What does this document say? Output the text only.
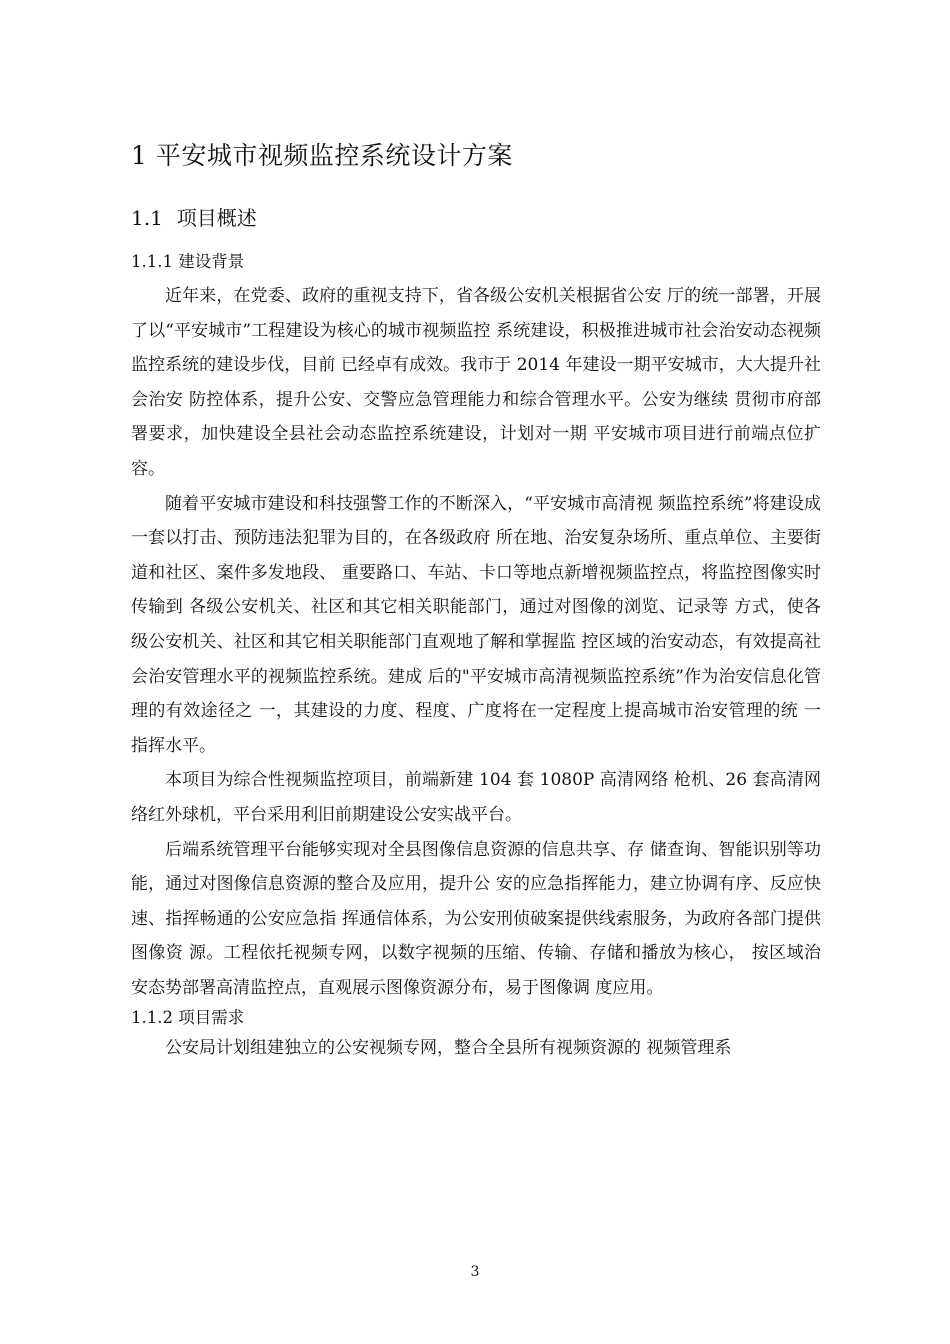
1 平安城市视频监控系统设计方案
1.1 项目概述
1.1.1 建设背景

近年来，在党委、政府的重视支持下，省各级公安机关根据省公安 厅的统一部署，开展了以“平安城市”工程建设为核心的城市视频监控 系统建设，积极推进城市社会治安动态视频监控系统的建设步伐，目前 已经卓有成效。我市于 2014 年建设一期平安城市，大大提升社会治安 防控体系，提升公安、交警应急管理能力和综合管理水平。公安为继续 贯彻市府部署要求，加快建设全县社会动态监控系统建设，计划对一期 平安城市项目进行前端点位扩容。

随着平安城市建设和科技强警工作的不断深入，“平安城市高清视 频监控系统”将建设成一套以打击、预防违法犯罪为目的，在各级政府 所在地、治安复杂场所、重点单位、主要街道和社区、案件多发地段、 重要路口、车站、卡口等地点新增视频监控点，将监控图像实时传输到 各级公安机关、社区和其它相关职能部门，通过对图像的浏览、记录等 方式，使各级公安机关、社区和其它相关职能部门直观地了解和掌握监 控区域的治安动态，有效提高社会治安管理水平的视频监控系统。建成 后的"平安城市高清视频监控系统”作为治安信息化管理的有效途径之 一，其建设的力度、程度、广度将在一定程度上提高城市治安管理的统 一指挥水平。

本项目为综合性视频监控项目，前端新建 104 套 1080P 高清网络 枪机、26 套高清网络红外球机，平台采用利旧前期建设公安实战平台。

后端系统管理平台能够实现对全县图像信息资源的信息共享、存 储查询、智能识别等功能，通过对图像信息资源的整合及应用，提升公 安的应急指挥能力，建立协调有序、反应快速、指挥畅通的公安应急指 挥通信体系，为公安刑侦破案提供线索服务，为政府各部门提供图像资 源。工程依托视频专网，以数字视频的压缩、传输、存储和播放为核心， 按区域治安态势部署高清监控点，直观展示图像资源分布，易于图像调 度应用。

1.1.2 项目需求

公安局计划组建独立的公安视频专网，整合全县所有视频资源的 视频管理系

3
